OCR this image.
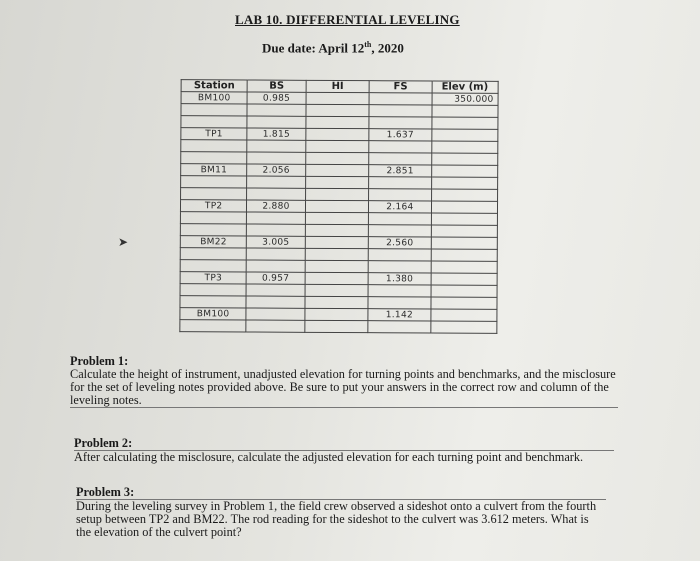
LAB 10. DIFFERENTIAL LEVELING
Due date: April 12th, 2020
➤
Station	BS	HI	FS	Elev (m)
BM100	0.985			350.000

TP1	1.815		1.637	

BM11	2.056		2.851	

TP2	2.880		2.164	

BM22	3.005		2.560	

TP3	0.957		1.380	

BM100			1.142	

Problem 1:
Calculate the height of instrument, unadjusted elevation for turning points and benchmarks, and the misclosure for the set of leveling notes provided above. Be sure to put your answers in the correct row and column of the leveling notes.
Problem 2:
After calculating the misclosure, calculate the adjusted elevation for each turning point and benchmark.
Problem 3:
During the leveling survey in Problem 1, the field crew observed a sideshot onto a culvert from the fourth setup between TP2 and BM22. The rod reading for the sideshot to the culvert was 3.612 meters. What is the elevation of the culvert point?
